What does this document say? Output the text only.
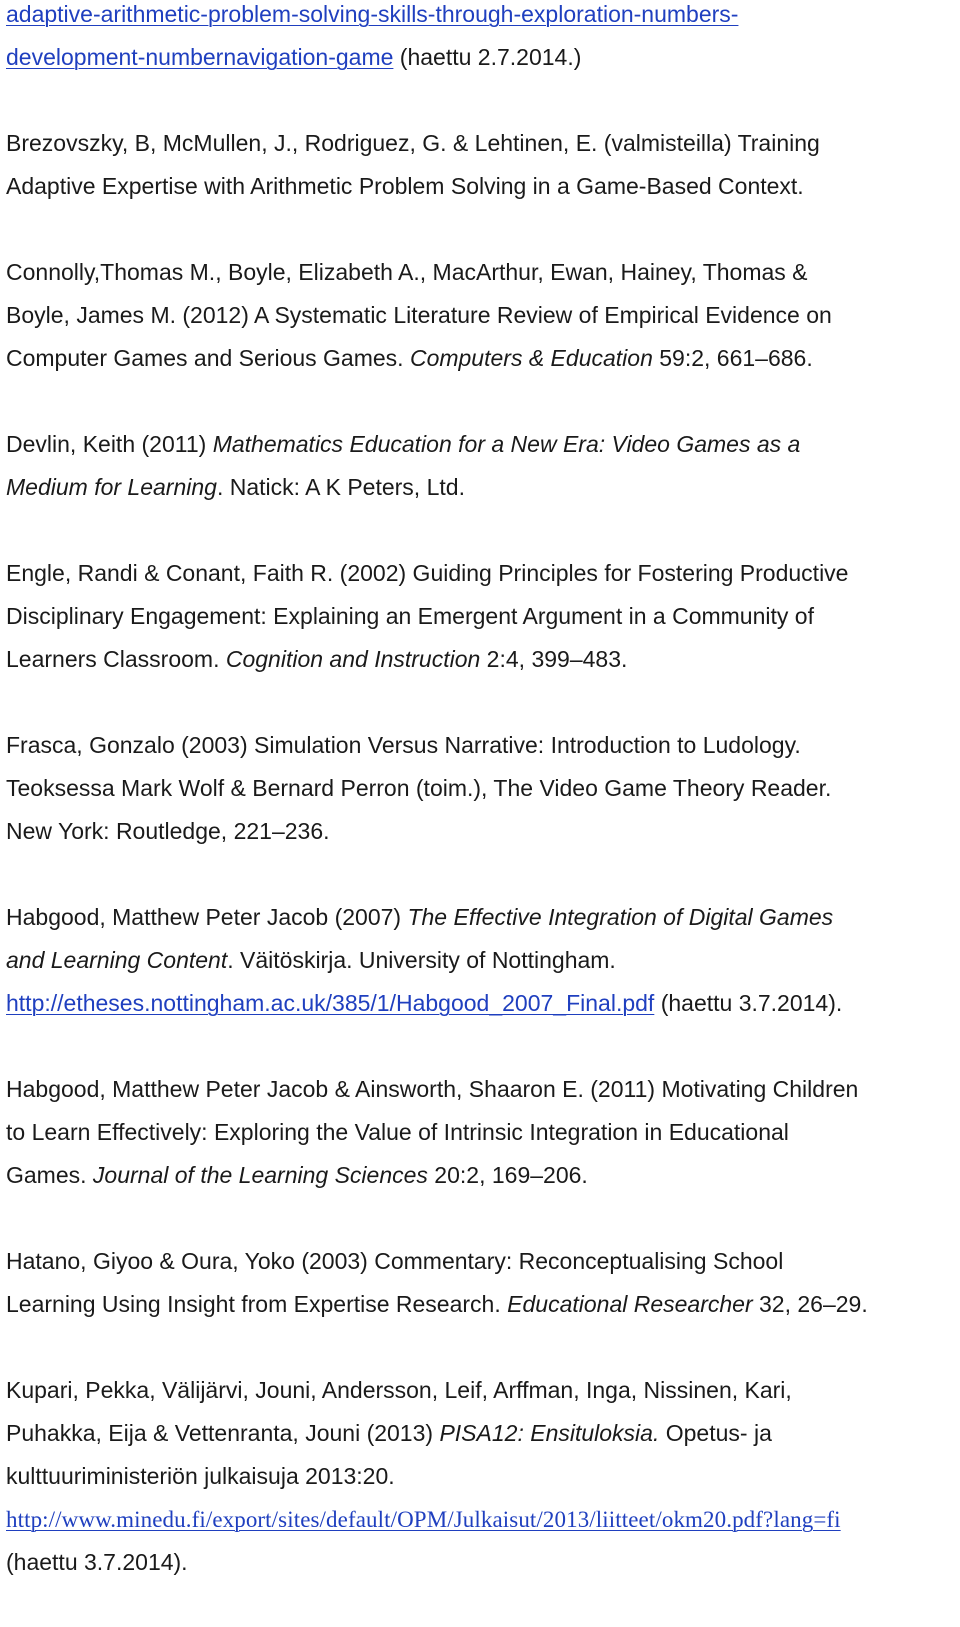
adaptive-arithmetic-problem-solving-skills-through-exploration-numbers-
development-numbernavigation-game (haettu 2.7.2014.)
Brezovszky, B, McMullen, J., Rodriguez, G. & Lehtinen, E. (valmisteilla) Training
Adaptive Expertise with Arithmetic Problem Solving in a Game-Based Context.
Connolly,Thomas M., Boyle, Elizabeth A., MacArthur, Ewan, Hainey, Thomas &
Boyle, James M. (2012) A Systematic Literature Review of Empirical Evidence on
Computer Games and Serious Games. Computers & Education 59:2, 661–686.
Devlin, Keith (2011) Mathematics Education for a New Era: Video Games as a
Medium for Learning. Natick: A K Peters, Ltd.
Engle, Randi & Conant, Faith R. (2002) Guiding Principles for Fostering Productive
Disciplinary Engagement: Explaining an Emergent Argument in a Community of
Learners Classroom. Cognition and Instruction 2:4, 399–483.
Frasca, Gonzalo (2003) Simulation Versus Narrative: Introduction to Ludology.
Teoksessa Mark Wolf & Bernard Perron (toim.), The Video Game Theory Reader.
New York: Routledge, 221–236.
Habgood, Matthew Peter Jacob (2007) The Effective Integration of Digital Games
and Learning Content. Väitöskirja. University of Nottingham.
http://etheses.nottingham.ac.uk/385/1/Habgood_2007_Final.pdf (haettu 3.7.2014).
Habgood, Matthew Peter Jacob & Ainsworth, Shaaron E. (2011) Motivating Children
to Learn Effectively: Exploring the Value of Intrinsic Integration in Educational
Games. Journal of the Learning Sciences 20:2, 169–206.
Hatano, Giyoo & Oura, Yoko (2003) Commentary: Reconceptualising School
Learning Using Insight from Expertise Research. Educational Researcher 32, 26–29.
Kupari, Pekka, Välijärvi, Jouni, Andersson, Leif, Arffman, Inga, Nissinen, Kari,
Puhakka, Eija & Vettenranta, Jouni (2013) PISA12: Ensituloksia. Opetus- ja
kulttuuriministeriön julkaisuja 2013:20.
http://www.minedu.fi/export/sites/default/OPM/Julkaisut/2013/liitteet/okm20.pdf?lang=fi
(haettu 3.7.2014).
